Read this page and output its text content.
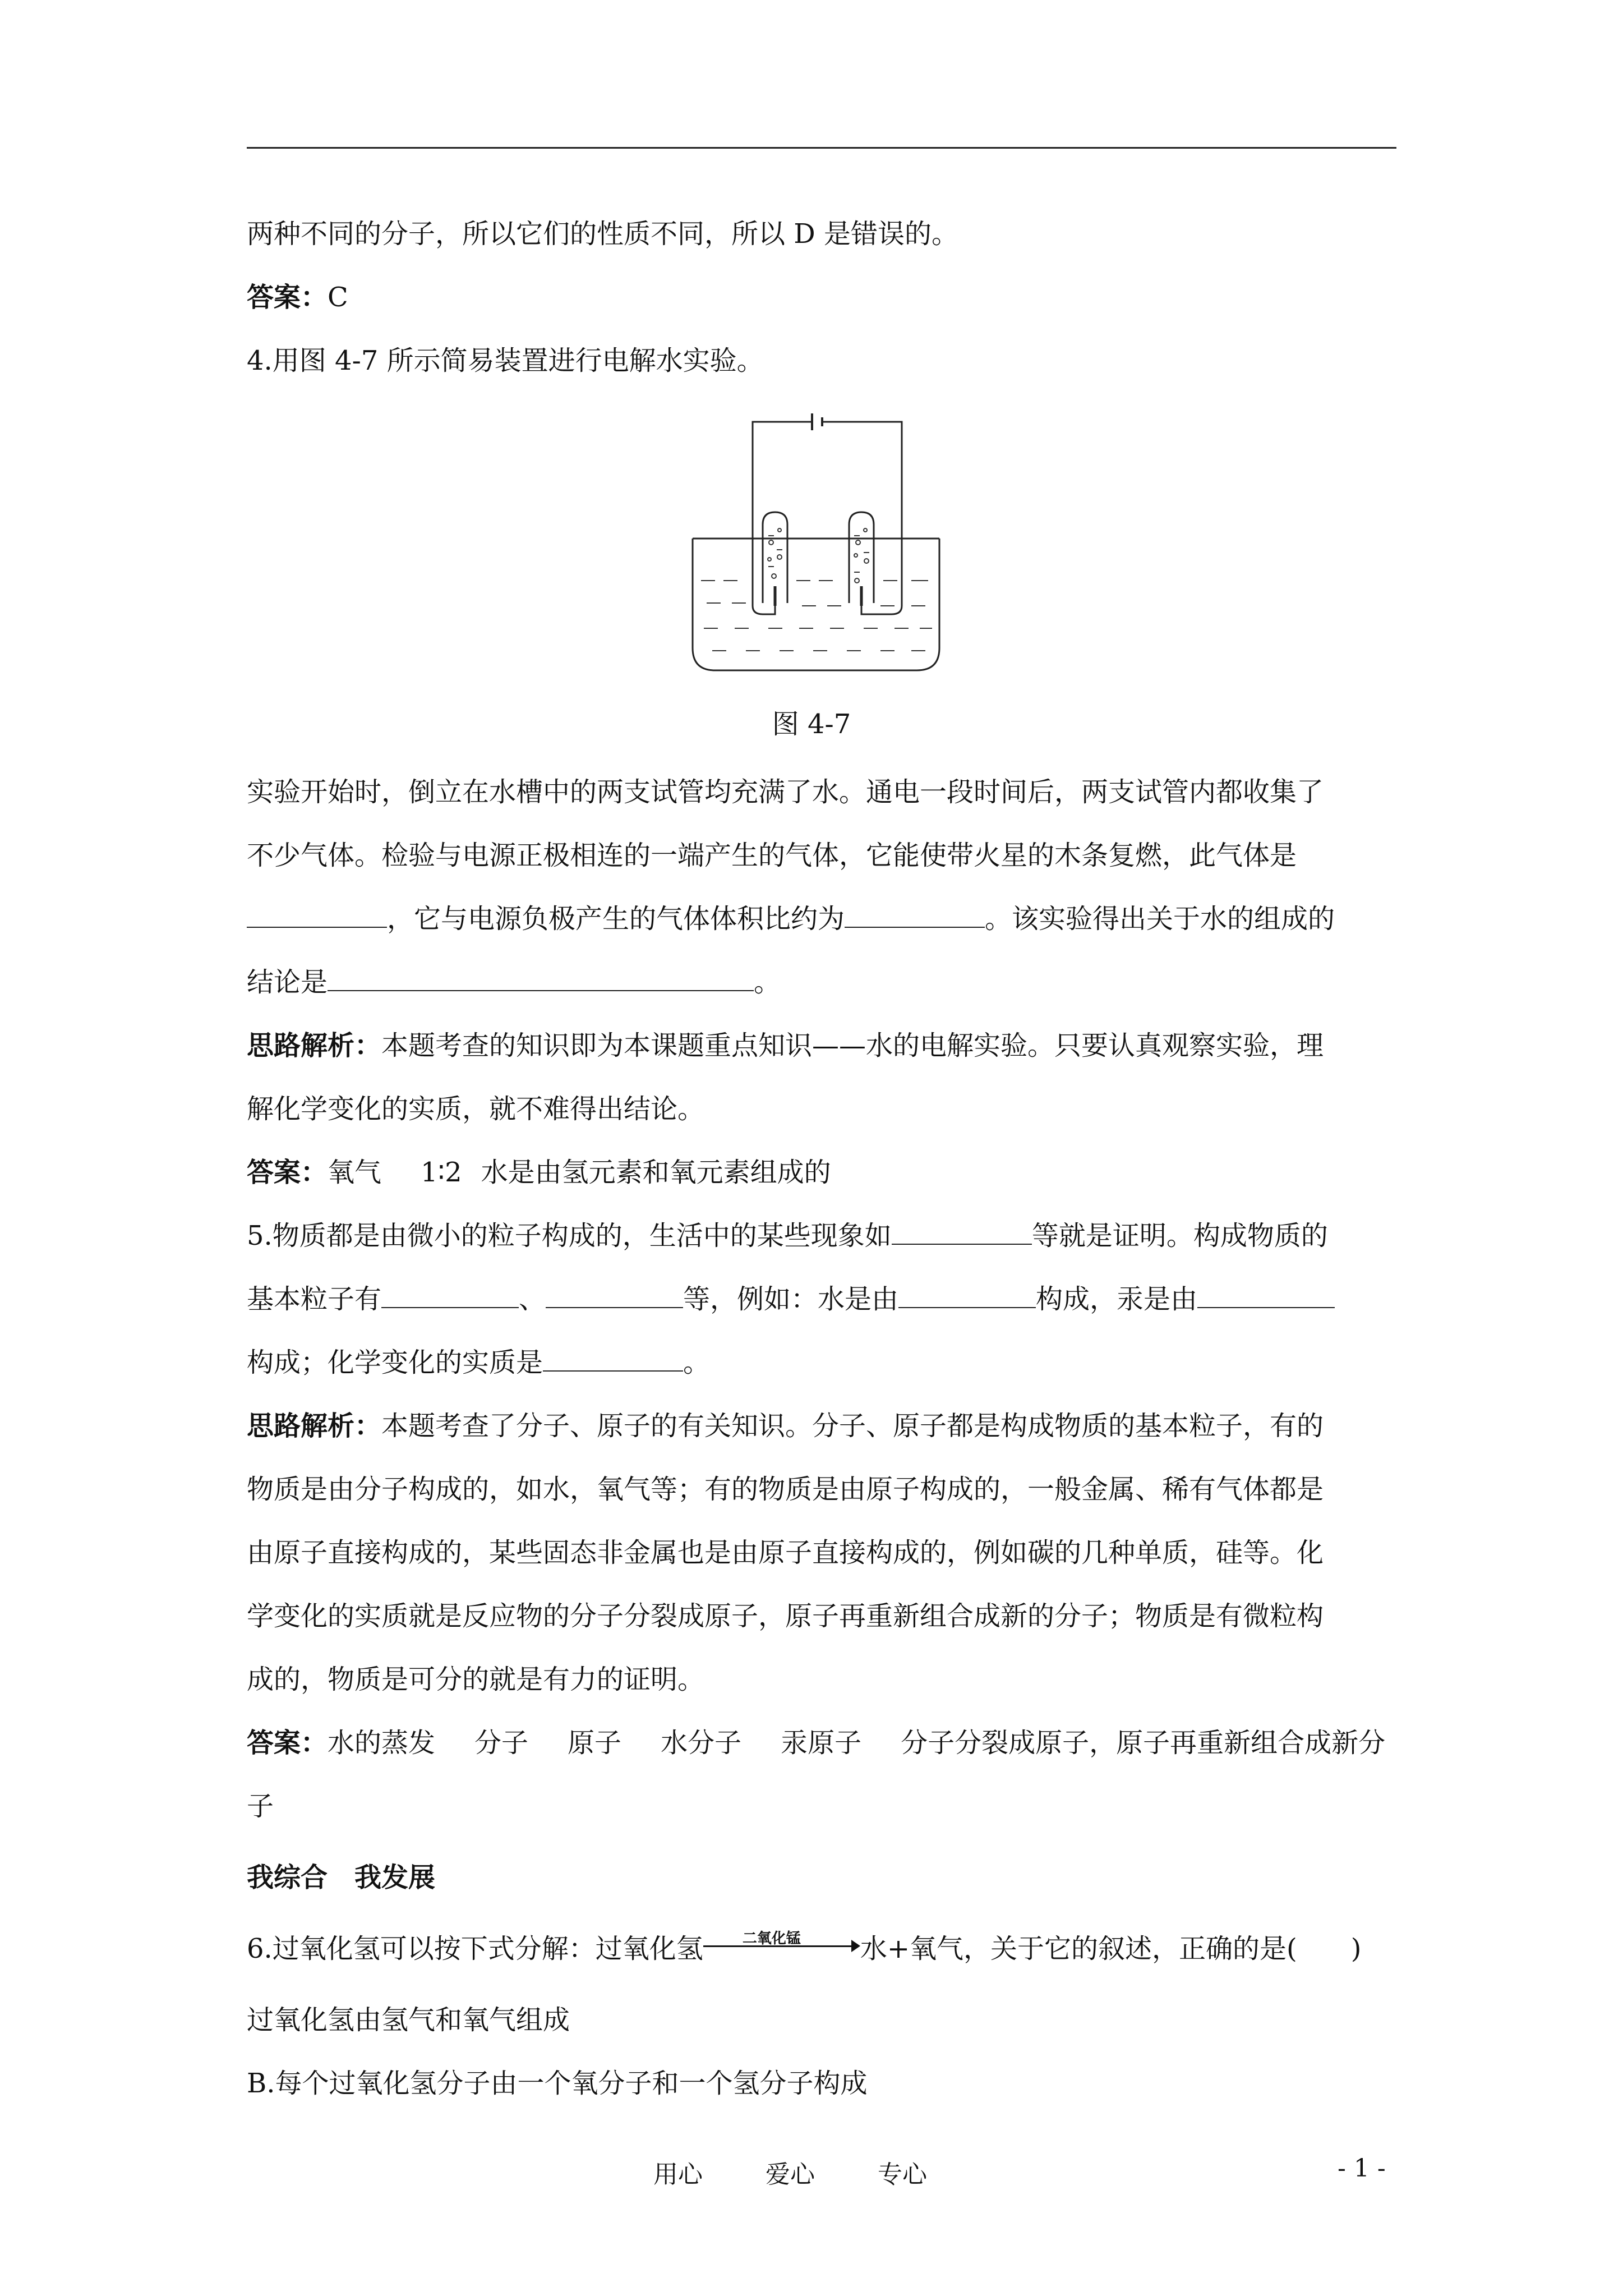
两种不同的分子，所以它们的性质不同，所以 D 是错误的。
答案：C
4.用图 4-7 所示简易装置进行电解水实验。
图 4-7
实验开始时，倒立在水槽中的两支试管均充满了水。通电一段时间后，两支试管内都收集了
不少气体。检验与电源正极相连的一端产生的气体，它能使带火星的木条复燃，此气体是
，它与电源负极产生的气体体积比约为	。该实验得出关于水的组成的
结论是	。
思路解析：本题考查的知识即为本课题重点知识——水的电解实验。只要认真观察实验，理
解化学变化的实质，就不难得出结论。
答案：氧气 1∶2 水是由氢元素和氧元素组成的
5.物质都是由微小的粒子构成的，生活中的某些现象如	等就是证明。构成物质的
基本粒子有	、	等，例如：水是由	构成，汞是由
构成；化学变化的实质是	。
思路解析：本题考查了分子、原子的有关知识。分子、原子都是构成物质的基本粒子，有的
物质是由分子构成的，如水，氧气等；有的物质是由原子构成的，一般金属、稀有气体都是
由原子直接构成的，某些固态非金属也是由原子直接构成的，例如碳的几种单质，硅等。化
学变化的实质就是反应物的分子分裂成原子，原子再重新组合成新的分子；物质是有微粒构
成的，物质是可分的就是有力的证明。
答案：水的蒸发 分子 原子 水分子 汞原子 分子分裂成原子，原子再重新组合成新分
子
我综合　我发展
6.过氧化氢可以按下式分解：过氧化氢	二氧化锰 水+氧气，关于它的叙述，正确的是(　　)
过氧化氢由氢气和氧气组成
B.每个过氧化氢分子由一个氧分子和一个氢分子构成
用心	爱心	专心	- 1 -
